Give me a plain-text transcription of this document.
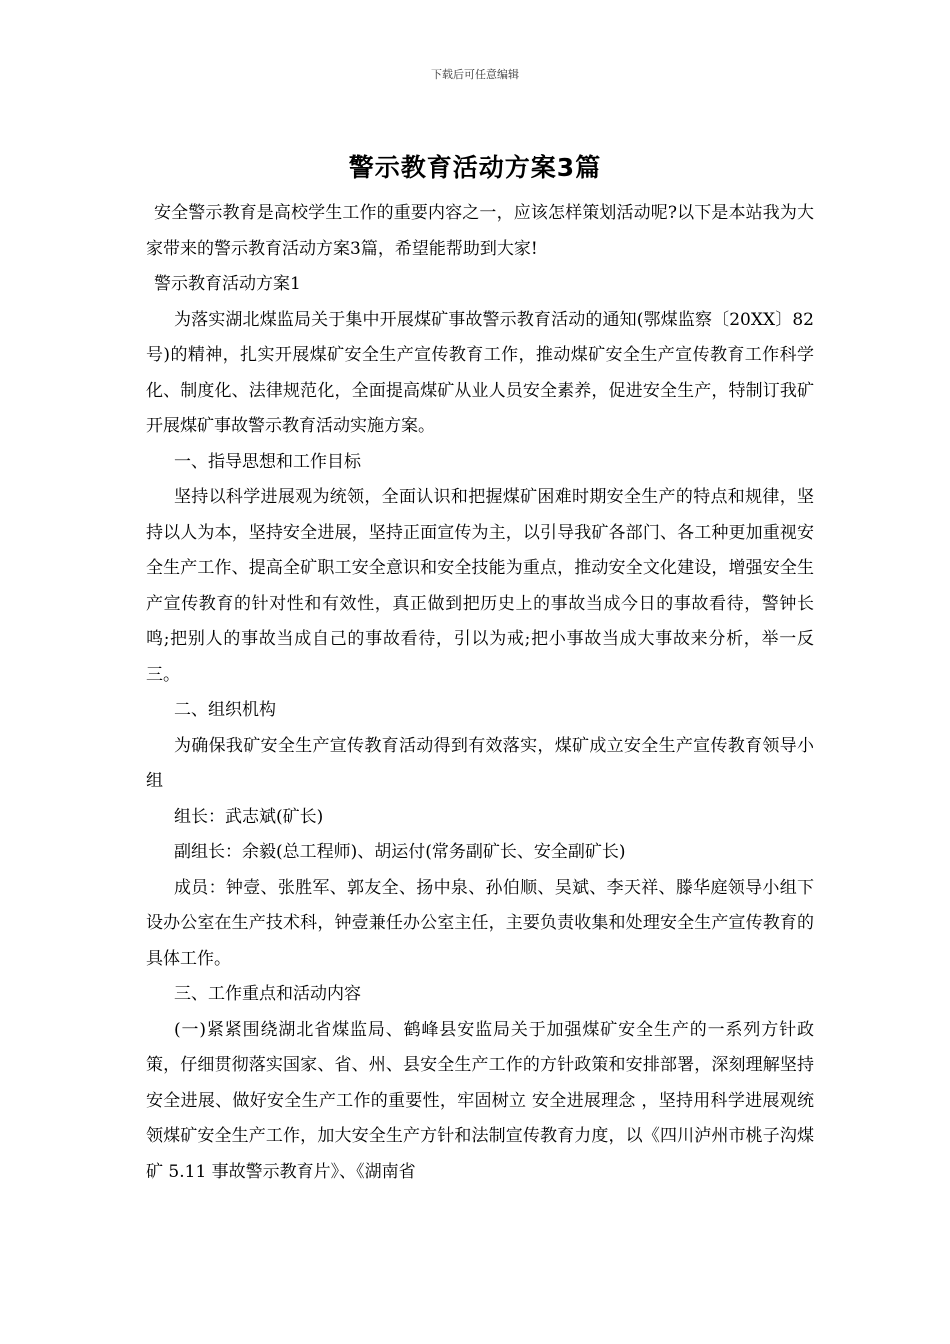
下载后可任意编辑
警示教育活动方案3篇

安全警示教育是高校学生工作的重要内容之一，应该怎样策划活动呢?以下是本站我为大家带来的警示教育活动方案3篇，希望能帮助到大家!

警示教育活动方案1

为落实湖北煤监局关于集中开展煤矿事故警示教育活动的通知(鄂煤监察〔20XX〕82号)的精神，扎实开展煤矿安全生产宣传教育工作，推动煤矿安全生产宣传教育工作科学化、制度化、法律规范化，全面提高煤矿从业人员安全素养，促进安全生产，特制订我矿开展煤矿事故警示教育活动实施方案。

一、指导思想和工作目标

坚持以科学进展观为统领，全面认识和把握煤矿困难时期安全生产的特点和规律，坚持以人为本，坚持安全进展，坚持正面宣传为主，以引导我矿各部门、各工种更加重视安全生产工作、提高全矿职工安全意识和安全技能为重点，推动安全文化建设，增强安全生产宣传教育的针对性和有效性，真正做到把历史上的事故当成今日的事故看待，警钟长鸣;把别人的事故当成自己的事故看待，引以为戒;把小事故当成大事故来分析，举一反三。

二、组织机构

为确保我矿安全生产宣传教育活动得到有效落实，煤矿成立安全生产宣传教育领导小组

组长：武志斌(矿长)

副组长：余毅(总工程师)、胡运付(常务副矿长、安全副矿长)

成员：钟壹、张胜军、郭友全、扬中泉、孙伯顺、吴斌、李天祥、滕华庭领导小组下设办公室在生产技术科，钟壹兼任办公室主任，主要负责收集和处理安全生产宣传教育的具体工作。

三、工作重点和活动内容

(一)紧紧围绕湖北省煤监局、鹤峰县安监局关于加强煤矿安全生产的一系列方针政策，仔细贯彻落实国家、省、州、县安全生产工作的方针政策和安排部署，深刻理解坚持安全进展、做好安全生产工作的重要性，牢固树立 安全进展理念 ，坚持用科学进展观统领煤矿安全生产工作，加大安全生产方针和法制宣传教育力度，以《四川泸州市桃子沟煤矿 5.11 事故警示教育片》、《湖南省
